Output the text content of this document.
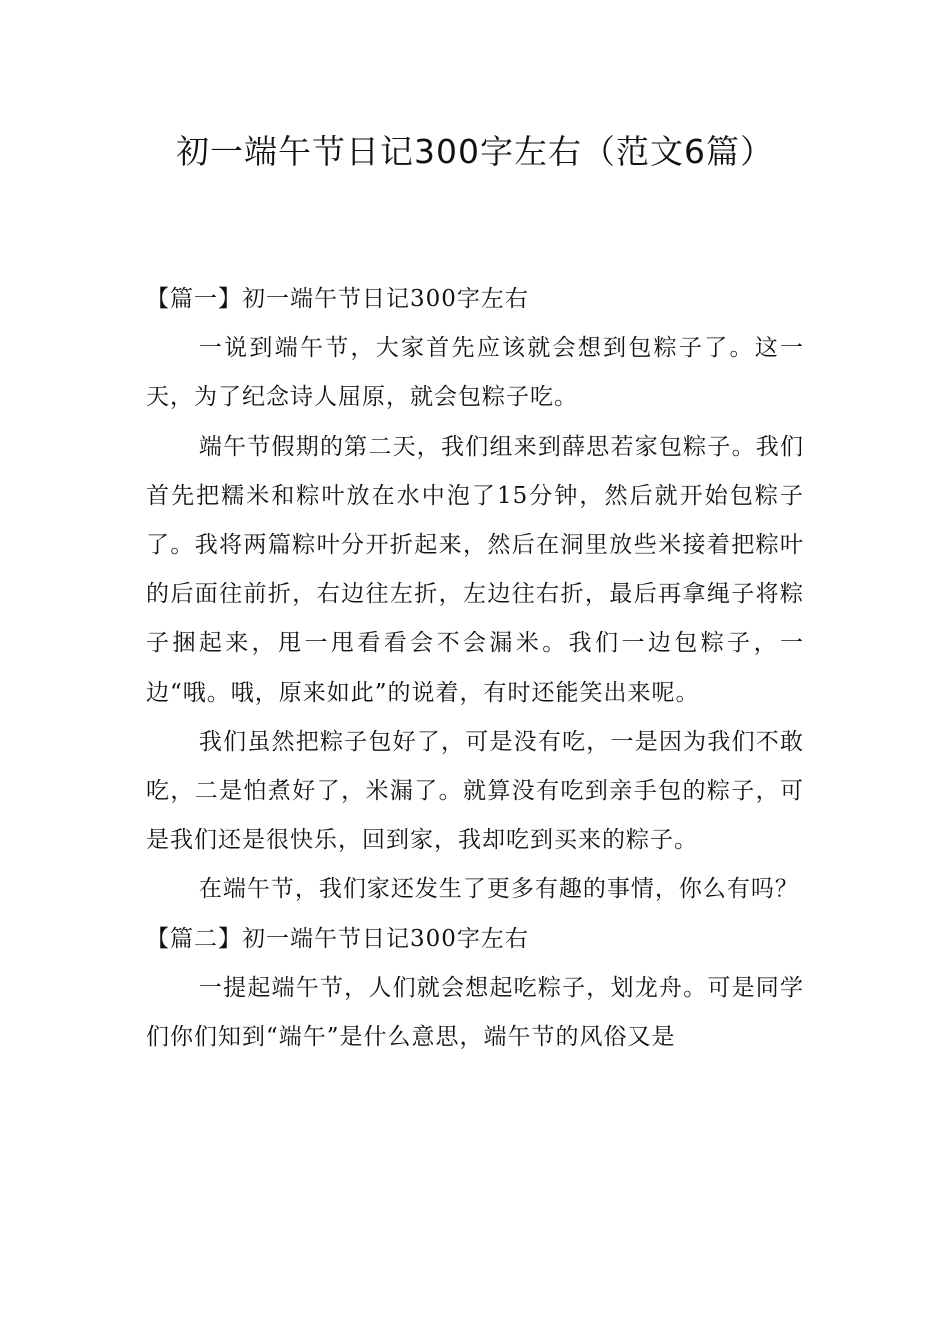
初一端午节日记300字左右（范文6篇）
【篇一】初一端午节日记300字左右

一说到端午节，大家首先应该就会想到包粽子了。这一天，为了纪念诗人屈原，就会包粽子吃。

端午节假期的第二天，我们组来到薛思若家包粽子。我们首先把糯米和粽叶放在水中泡了15分钟，然后就开始包粽子了。我将两篇粽叶分开折起来，然后在洞里放些米接着把粽叶的后面往前折，右边往左折，左边往右折，最后再拿绳子将粽子捆起来，甩一甩看看会不会漏米。我们一边包粽子，一边“哦。哦，原来如此”的说着，有时还能笑出来呢。

我们虽然把粽子包好了，可是没有吃，一是因为我们不敢吃，二是怕煮好了，米漏了。就算没有吃到亲手包的粽子，可是我们还是很快乐，回到家，我却吃到买来的粽子。

在端午节，我们家还发生了更多有趣的事情，你么有吗？

【篇二】初一端午节日记300字左右

一提起端午节，人们就会想起吃粽子，划龙舟。可是同学们你们知到“端午”是什么意思，端午节的风俗又是
